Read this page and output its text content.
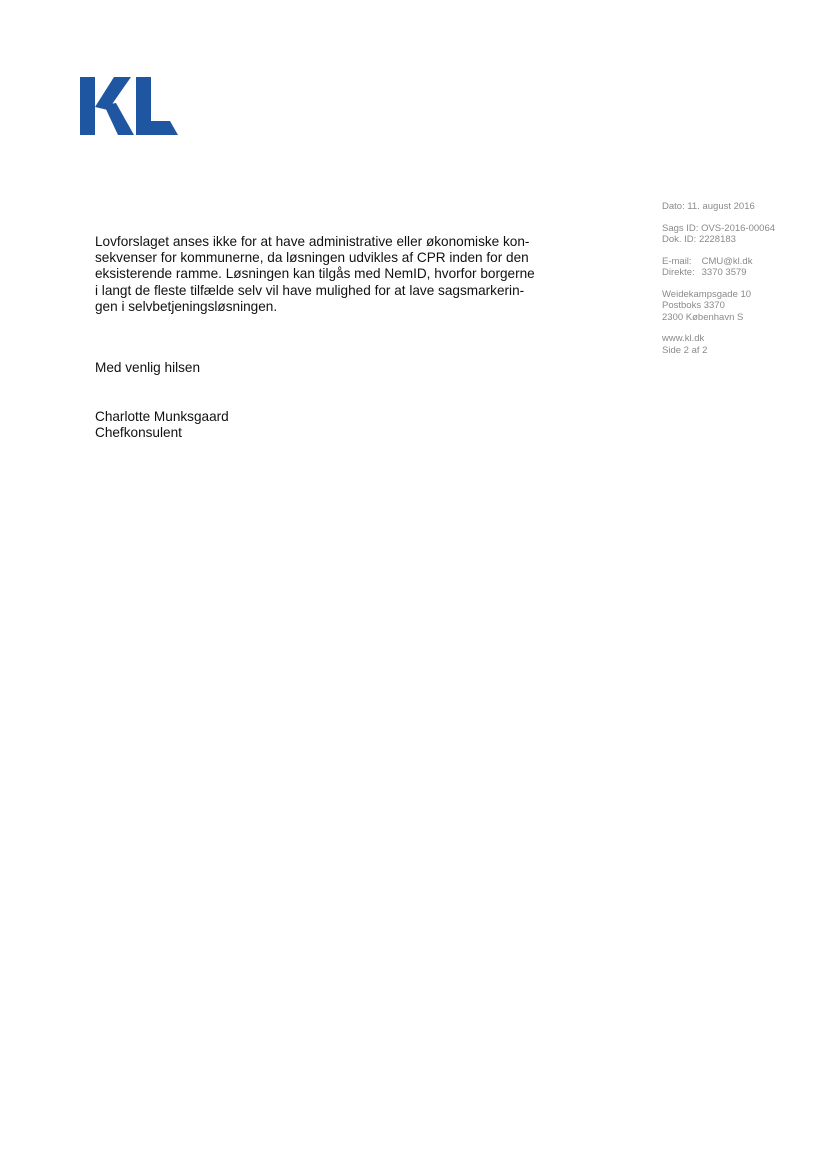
Dato: 11. august 2016
Sags ID: OVS-2016-00064
Dok. ID: 2228183
E-mail: CMU@kl.dk
Direkte: 3370 3579
Weidekampsgade 10
Postboks 3370
2300 København S
www.kl.dk
Side 2 af 2
Lovforslaget anses ikke for at have administrative eller økonomiske kon-
sekvenser for kommunerne, da løsningen udvikles af CPR inden for den
eksisterende ramme. Løsningen kan tilgås med NemID, hvorfor borgerne
i langt de fleste tilfælde selv vil have mulighed for at lave sagsmarkerin-
gen i selvbetjeningsløsningen.
Med venlig hilsen
Charlotte Munksgaard
Chefkonsulent
